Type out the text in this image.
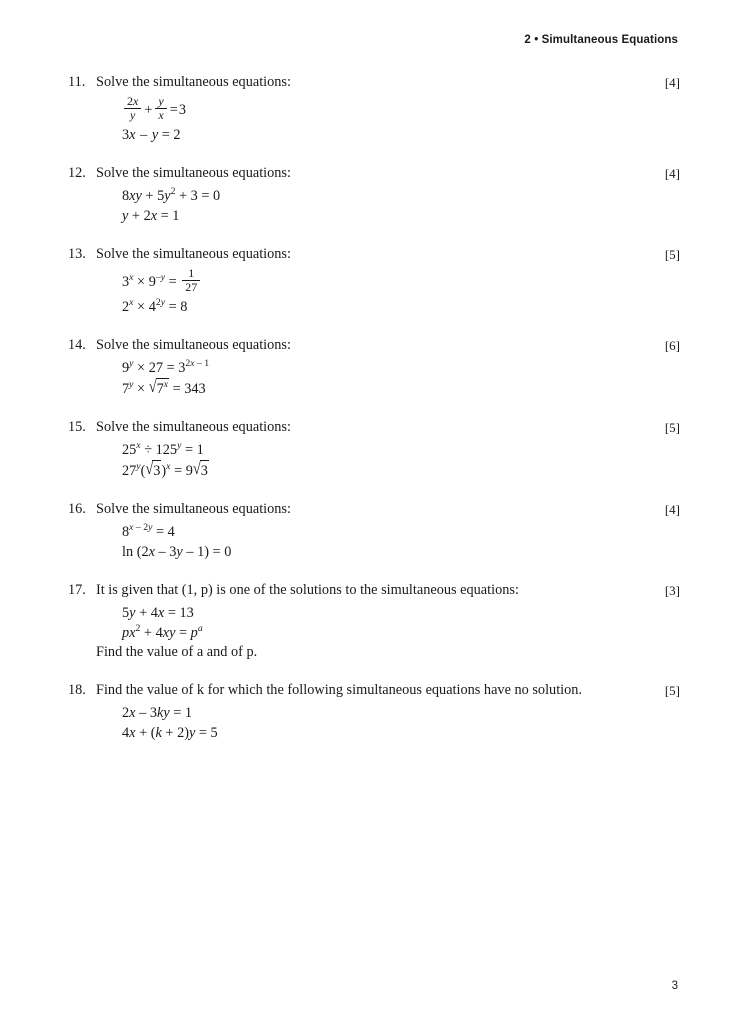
2 • Simultaneous Equations
11. Solve the simultaneous equations:	[4]
$\frac{2x}{y} + \frac{y}{x} =3$
3x – y = 2
12. Solve the simultaneous equations:	[4]
$8xy + 5y^2 + 3 = 0$
y + 2x = 1
13. Solve the simultaneous equations:	[5]
$3^x \times 9^{-y} = \frac{1}{27}$
$2^x \times 4^{2y} = 8$
14. Solve the simultaneous equations:	[6]
$9^y \times 27 = 3^{2x - 1}$
$7^y \times √7^x = 343$
15. Solve the simultaneous equations:	[5]
$25^x \div 125^y = 1$
$27^y(√3)^x = 9√3$
16. Solve the simultaneous equations:	[4]
$8^{x - 2y} = 4$
ln (2x – 3y – 1) = 0
17. It is given that (1, p) is one of the solutions to the simultaneous equations:	[3]
5y + 4x = 13
$px^2 + 4xy = p^a$
Find the value of a and of p.
18. Find the value of k for which the following simultaneous equations have no solution.	[5]
2x – 3ky = 1
4x + (k + 2)y = 5
3
